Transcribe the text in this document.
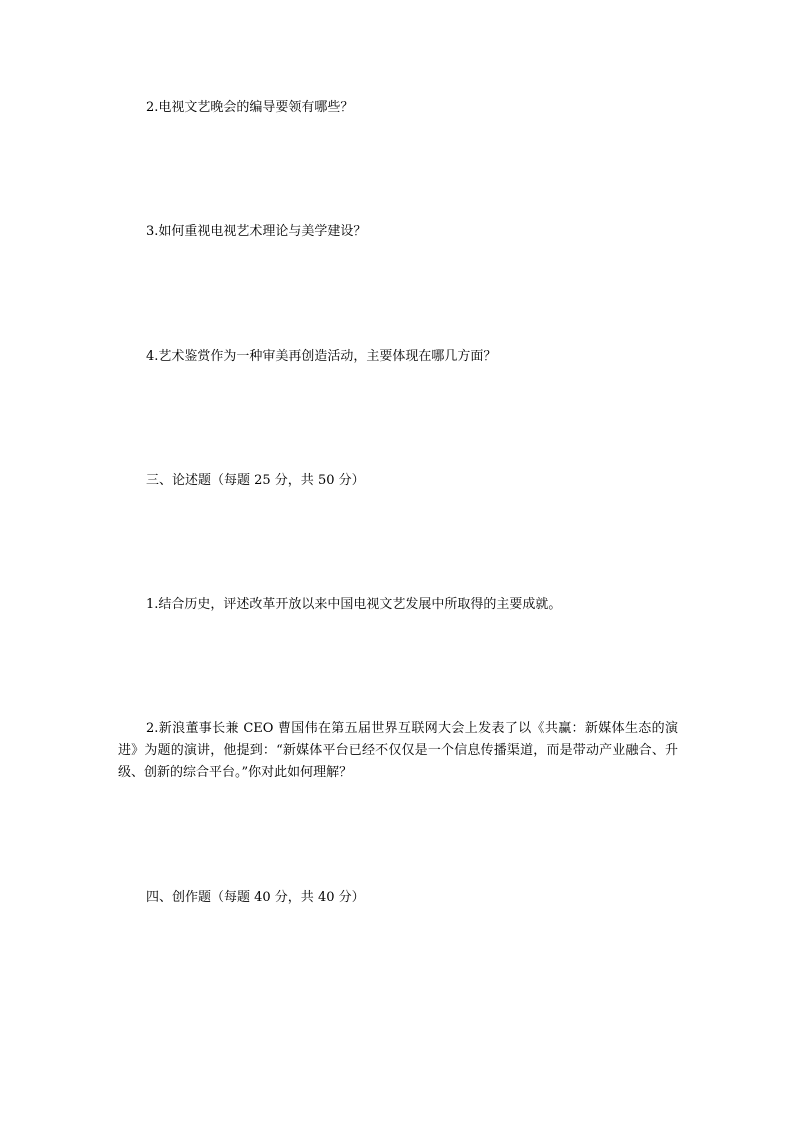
2.电视文艺晚会的编导要领有哪些？
3.如何重视电视艺术理论与美学建设？
4.艺术鉴赏作为一种审美再创造活动，主要体现在哪几方面？
三、论述题（每题 25 分，共 50 分）
1.结合历史，评述改革开放以来中国电视文艺发展中所取得的主要成就。
2.新浪董事长兼 CEO 曹国伟在第五届世界互联网大会上发表了以《共赢：新媒体生态的演进》为题的演讲，他提到：“新媒体平台已经不仅仅是一个信息传播渠道，而是带动产业融合、升级、创新的综合平台。”你对此如何理解？
四、创作题（每题 40 分，共 40 分）
